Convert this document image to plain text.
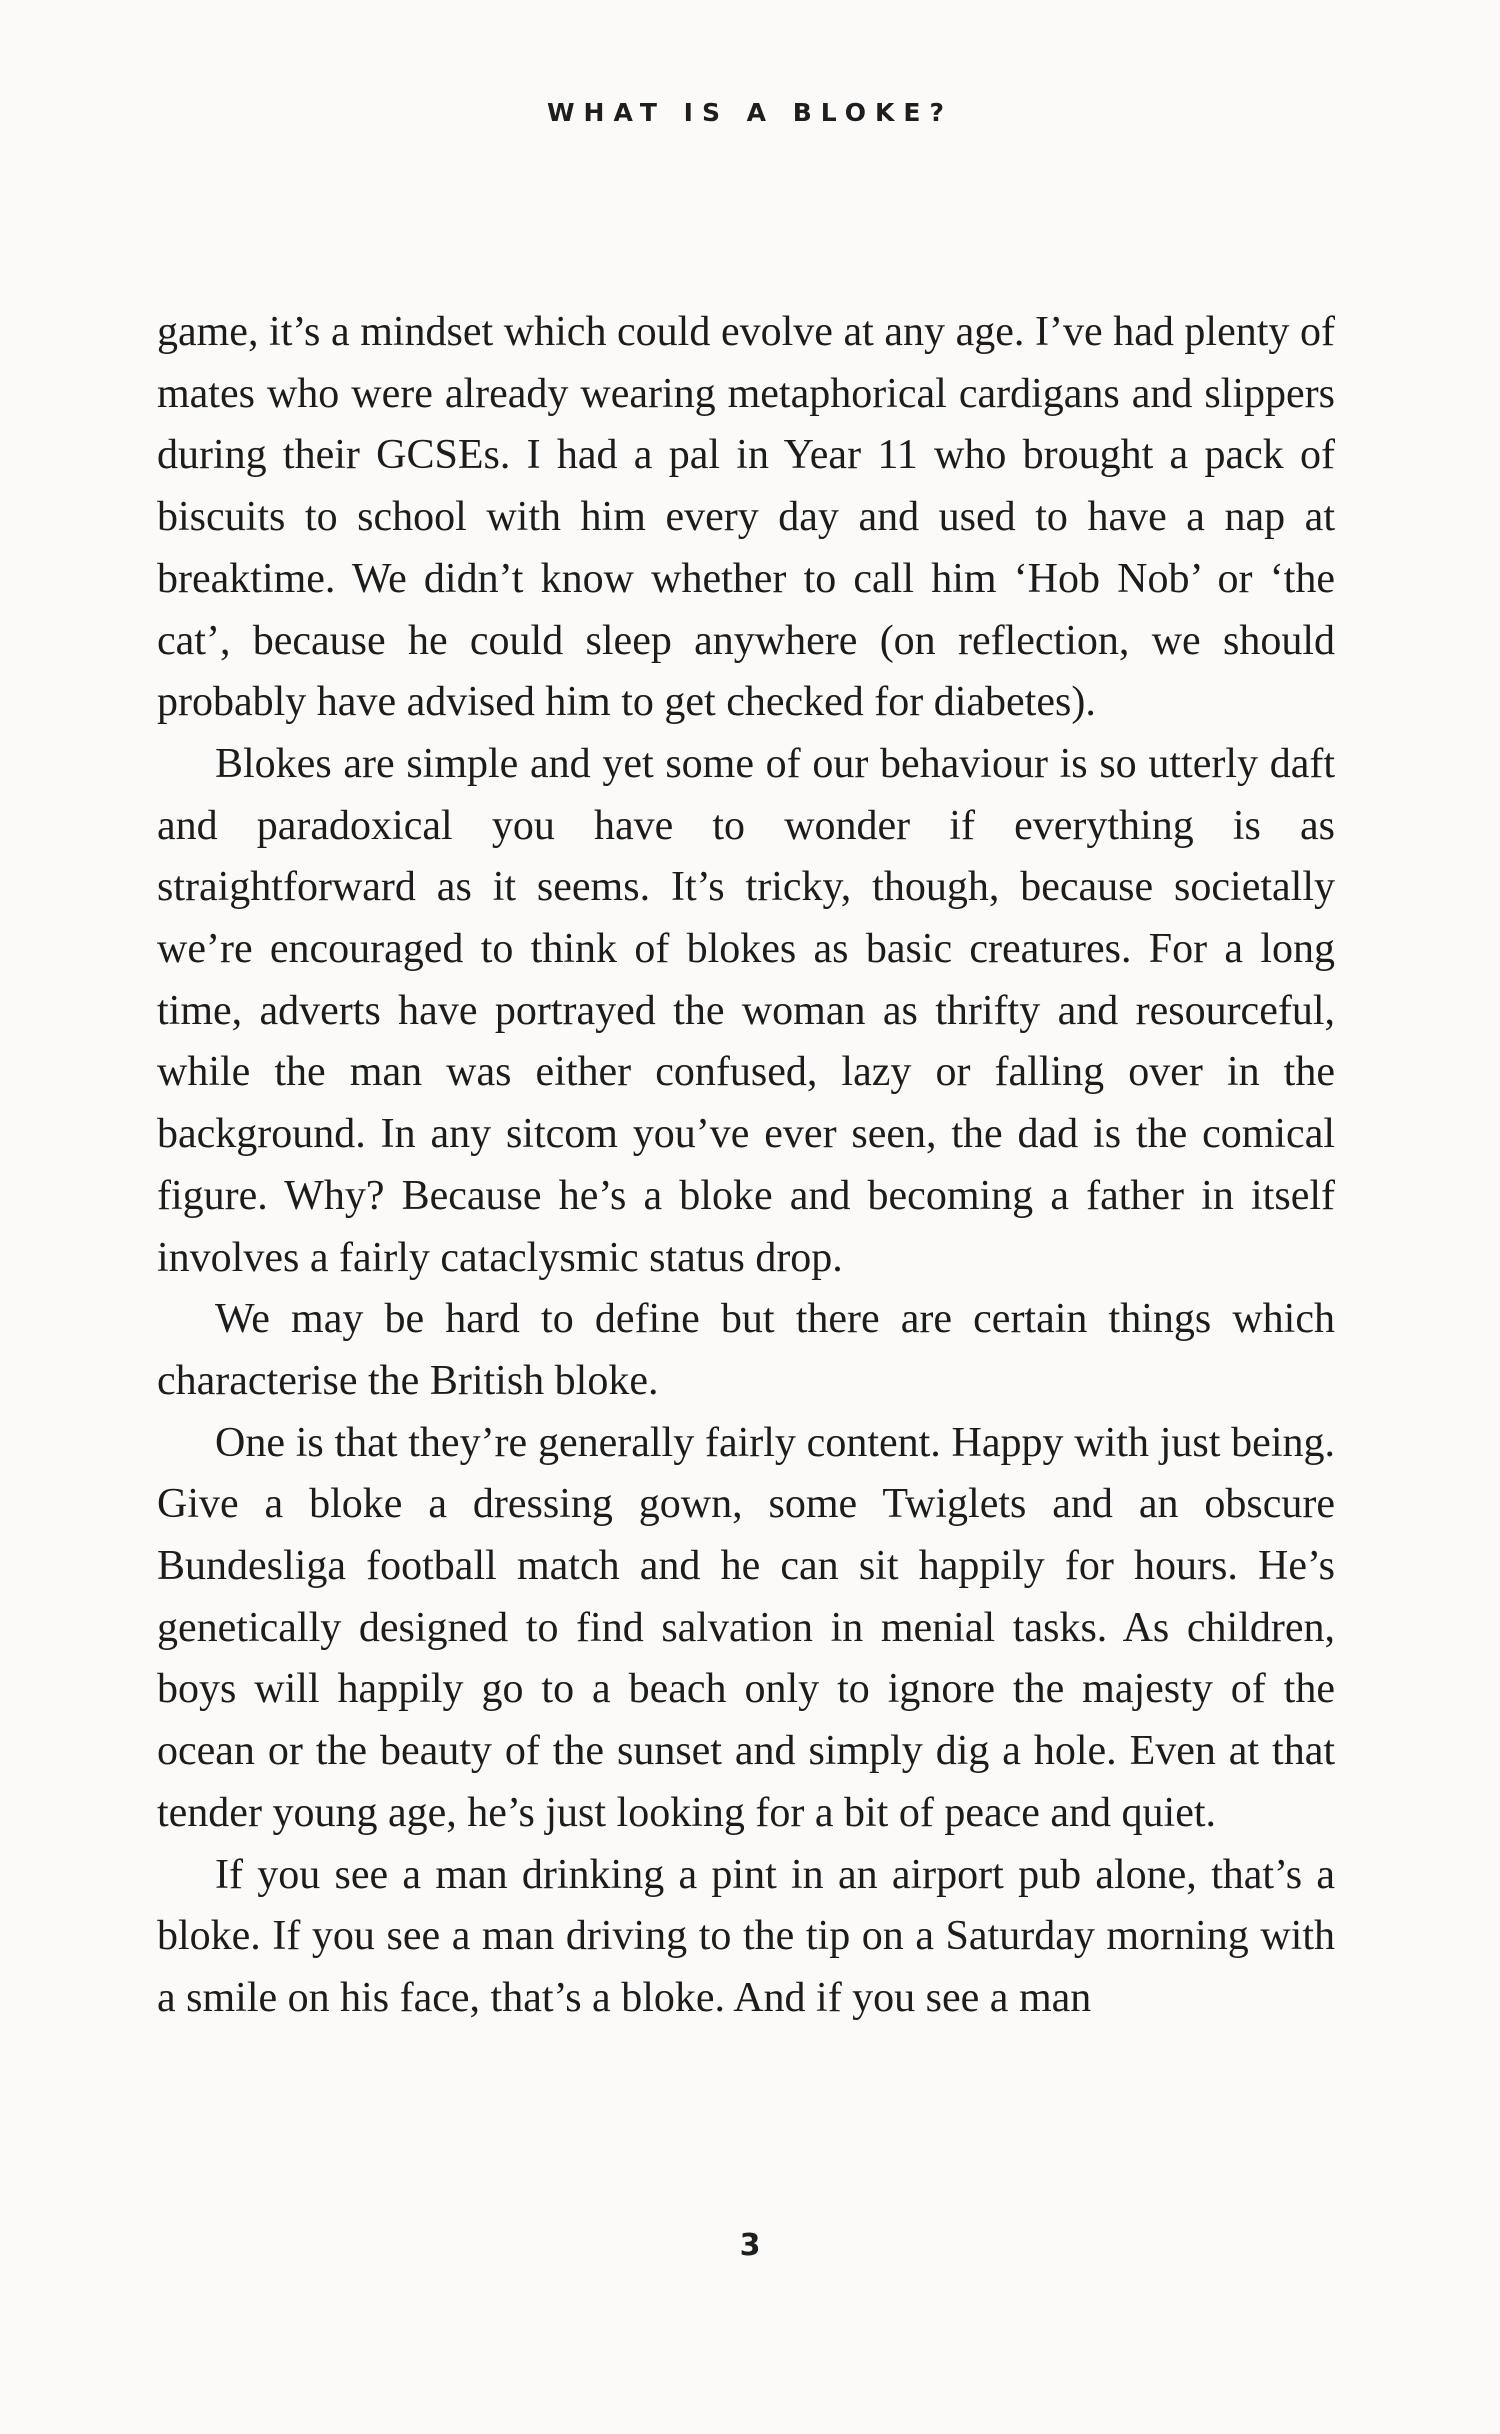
WHAT IS A BLOKE?

game, it’s a mindset which could evolve at any age. I’ve had plenty of mates who were already wearing metaphorical cardigans and slippers during their GCSEs. I had a pal in Year 11 who brought a pack of biscuits to school with him every day and used to have a nap at breaktime. We didn’t know whether to call him ‘Hob Nob’ or ‘the cat’, because he could sleep anywhere (on reflection, we should probably have advised him to get checked for diabetes).

Blokes are simple and yet some of our behaviour is so utterly daft and paradoxical you have to wonder if everything is as straightforward as it seems. It’s tricky, though, because societally we’re encouraged to think of blokes as basic creatures. For a long time, adverts have portrayed the woman as thrifty and resourceful, while the man was either confused, lazy or falling over in the background. In any sitcom you’ve ever seen, the dad is the comical figure. Why? Because he’s a bloke and becoming a father in itself involves a fairly cataclysmic status drop.

We may be hard to define but there are certain things which characterise the British bloke.

One is that they’re generally fairly content. Happy with just being. Give a bloke a dressing gown, some Twiglets and an obscure Bundesliga football match and he can sit happily for hours. He’s genetically designed to find salvation in menial tasks. As children, boys will happily go to a beach only to ignore the majesty of the ocean or the beauty of the sunset and simply dig a hole. Even at that tender young age, he’s just looking for a bit of peace and quiet.

If you see a man drinking a pint in an airport pub alone, that’s a bloke. If you see a man driving to the tip on a Saturday morning with a smile on his face, that’s a bloke. And if you see a man

3
